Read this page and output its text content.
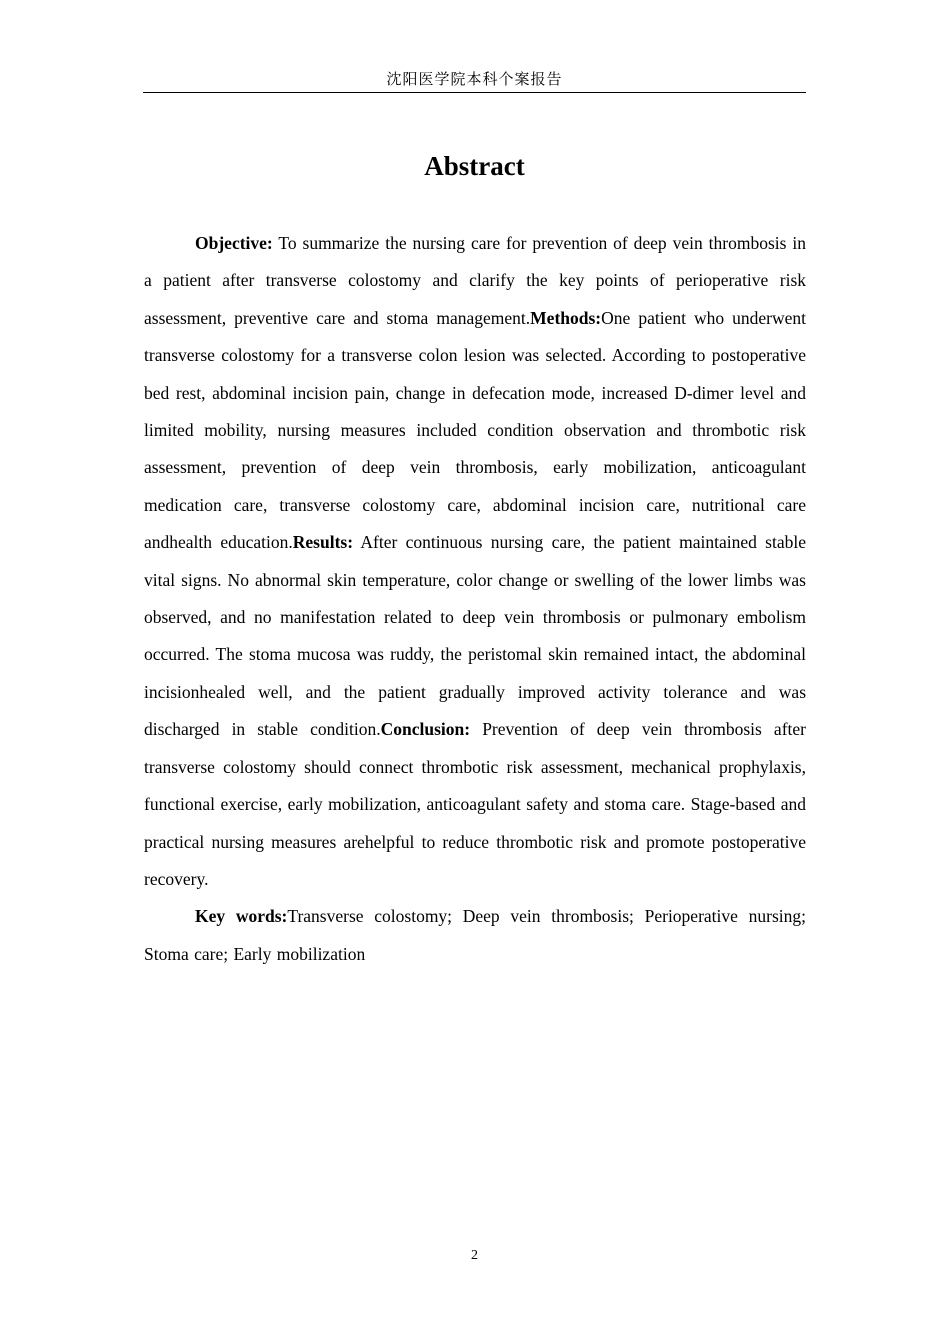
沈阳医学院本科个案报告
Abstract

Objective: To summarize the nursing care for prevention of deep vein thrombosis in a patient after transverse colostomy and clarify the key points of perioperative risk assessment, preventive care and stoma management.Methods:One patient who underwent transverse colostomy for a transverse colon lesion was selected. According to postoperative bed rest, abdominal incision pain, change in defecation mode, increased D-dimer level and limited mobility, nursing measures included condition observation and thrombotic risk assessment, prevention of deep vein thrombosis, early mobilization, anticoagulant medication care, transverse colostomy care, abdominal incision care, nutritional care andhealth education.Results: After continuous nursing care, the patient maintained stable vital signs. No abnormal skin temperature, color change or swelling of the lower limbs was observed, and no manifestation related to deep vein thrombosis or pulmonary embolism occurred. The stoma mucosa was ruddy, the peristomal skin remained intact, the abdominal incisionhealed well, and the patient gradually improved activity tolerance and was discharged in stable condition.Conclusion: Prevention of deep vein thrombosis after transverse colostomy should connect thrombotic risk assessment, mechanical prophylaxis, functional exercise, early mobilization, anticoagulant safety and stoma care. Stage-based and practical nursing measures arehelpful to reduce thrombotic risk and promote postoperative recovery.

Key words:Transverse colostomy; Deep vein thrombosis; Perioperative nursing; Stoma care; Early mobilization

2
